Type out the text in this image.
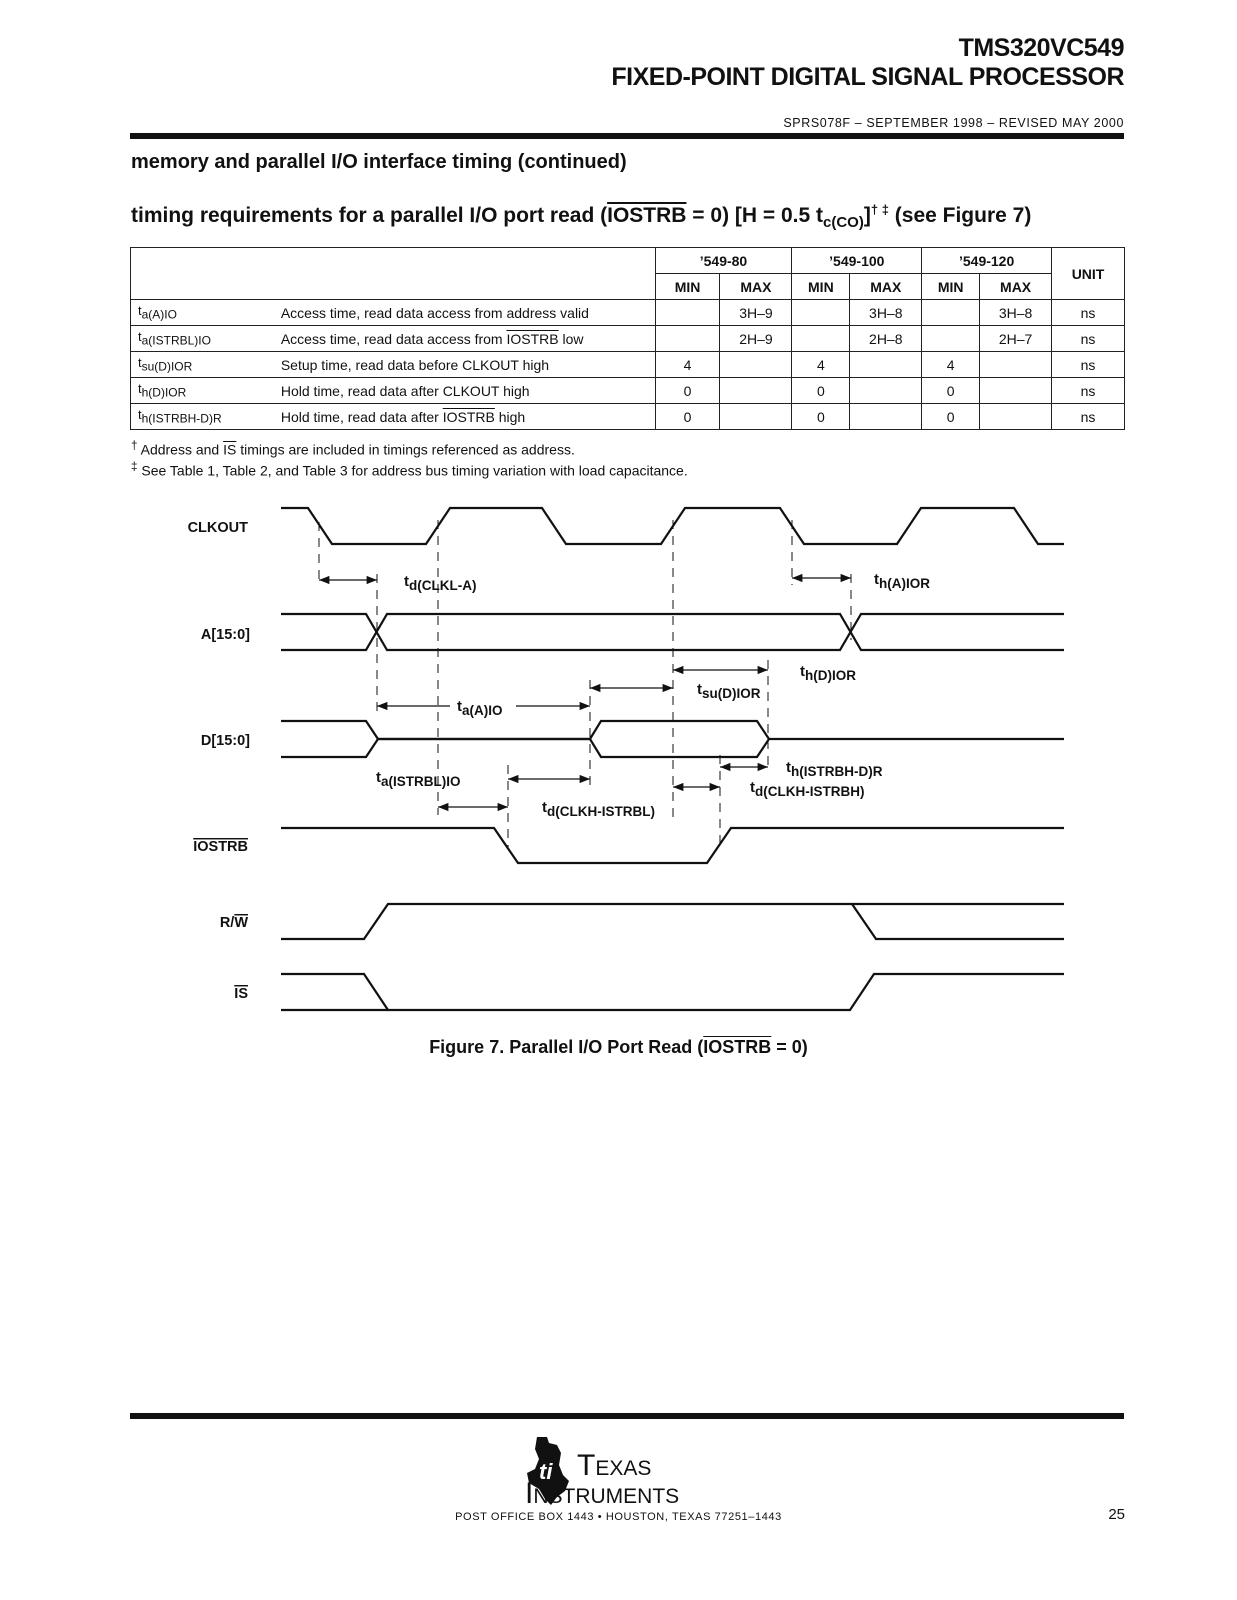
TMS320VC549
FIXED-POINT DIGITAL SIGNAL PROCESSOR
SPRS078F – SEPTEMBER 1998 – REVISED MAY 2000
memory and parallel I/O interface timing (continued)
timing requirements for a parallel I/O port read (IOSTRB = 0) [H = 0.5 $t_{c(CO)}]^{\dagger \ddagger}$ (see Figure 7)
		’549-80		’549-100		’549-120		UNIT
		MIN	MAX	MIN	MAX	MIN	MAX	
$t_{a(A)IO}$	Access time, read data access from address valid		3H–9		3H–8		3H–8	ns
$t_{a(ISTRBL)IO}$	Access time, read data access from IOSTRB low		2H–9		2H–8		2H–7	ns
$t_{su(D)IOR}$	Setup time, read data before CLKOUT high	4		4		4		ns
$t_{h(D)IOR}$	Hold time, read data after CLKOUT high	0		0		0		ns
$t_{h(ISTRBH-D)R}$	Hold time, read data after IOSTRB high	0		0		0		ns
† Address and $\overline{IS}$ timings are included in timings referenced as address.
‡ See Table 1, Table 2, and Table 3 for address bus timing variation with load capacitance.
CLKOUT
A[15:0]
D[15:0]
IOSTRB
R/W
IS
td(CLKL-A)	th(A)IOR
th(D)IOR
tsu(D)IOR
ta(A)IO
th(ISTRBH-D)R
ta(ISTRBL)IO	td(CLKH-ISTRBH)
td(CLKH-ISTRBL)
Figure 7. Parallel I/O Port Read (IOSTRB = 0)
ti Texas
Instruments
POST OFFICE BOX 1443 • HOUSTON, TEXAS 77251–1443	25
